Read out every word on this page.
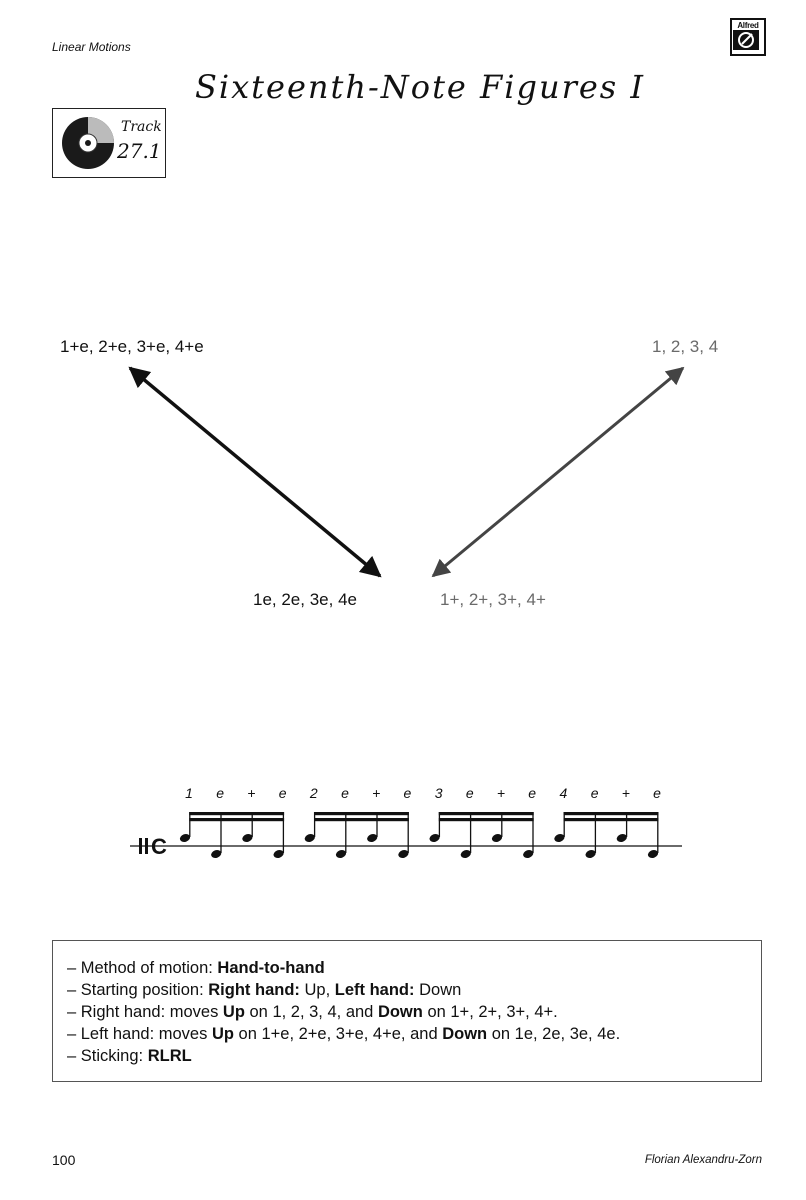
Linear Motions
Alfred
Sixteenth-Note Figures I
Track
27.1
1+e, 2+e, 3+e, 4+e	1, 2, 3, 4
1e, 2e, 3e, 4e	1+, 2+, 3+, 4+
1 e + e 2 e + e 3 e + e 4 e + e
C
– Method of motion: Hand-to-hand
– Starting position: Right hand: Up, Left hand: Down
– Right hand: moves Up on 1, 2, 3, 4, and Down on 1+, 2+, 3+, 4+.
– Left hand: moves Up on 1+e, 2+e, 3+e, 4+e, and Down on 1e, 2e, 3e, 4e.
– Sticking: RLRL
100	Florian Alexandru-Zorn
